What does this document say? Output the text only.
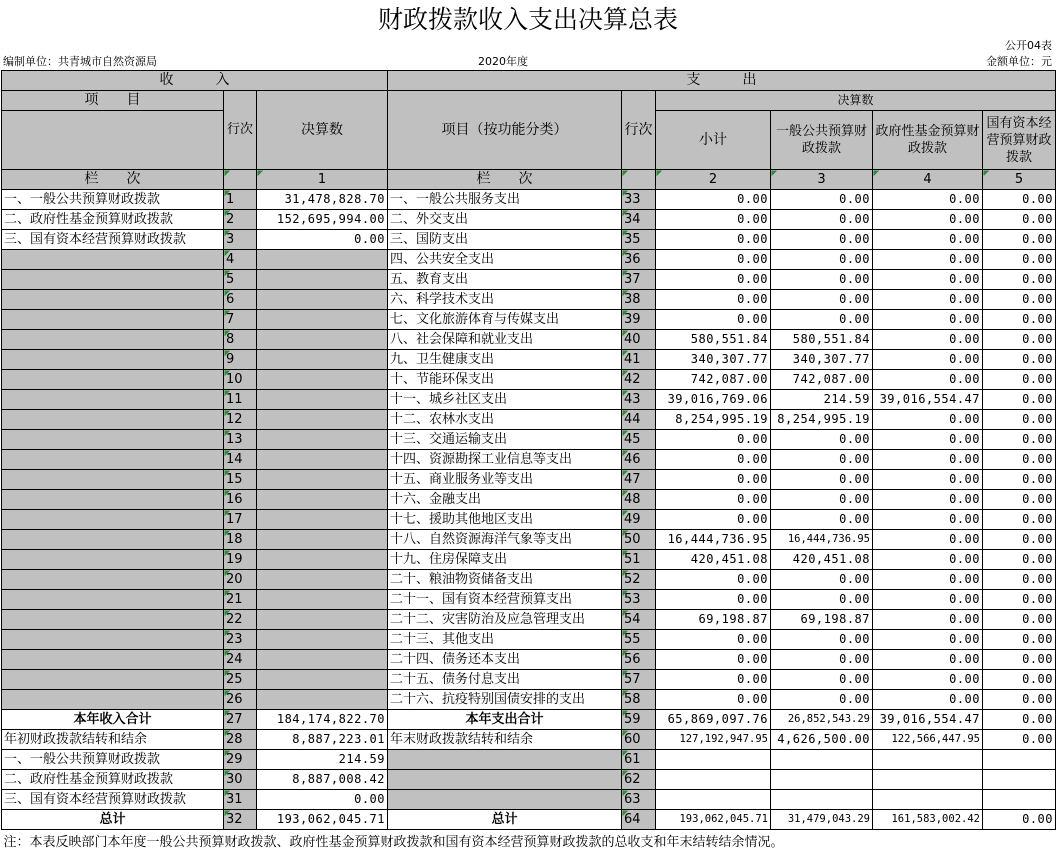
财政拨款收入支出决算总表
公开04表
编制单位：共青城市自然资源局	2020年度	金额单位：元
收　　　入			支　　　出					
项　　目	行次	决算数	项目（按功能分类）	行次	决算数			
					小计	一般公共预算财政拨款	政府性基金预算财政拨款	国有资本经营预算财政拨款
栏　　次		1	栏　　次		2	3	4	5
一、一般公共预算财政拨款	1	31,478,828.70	一、一般公共服务支出	33	0.00	0.00	0.00	0.00
二、政府性基金预算财政拨款	2	152,695,994.00	二、外交支出	34	0.00	0.00	0.00	0.00
三、国有资本经营预算财政拨款	3	0.00	三、国防支出	35	0.00	0.00	0.00	0.00
	4		四、公共安全支出	36	0.00	0.00	0.00	0.00
	5		五、教育支出	37	0.00	0.00	0.00	0.00
	6		六、科学技术支出	38	0.00	0.00	0.00	0.00
	7		七、文化旅游体育与传媒支出	39	0.00	0.00	0.00	0.00
	8		八、社会保障和就业支出	40	580,551.84	580,551.84	0.00	0.00
	9		九、卫生健康支出	41	340,307.77	340,307.77	0.00	0.00
	10		十、节能环保支出	42	742,087.00	742,087.00	0.00	0.00
	11		十一、城乡社区支出	43	39,016,769.06	214.59	39,016,554.47	0.00
	12		十二、农林水支出	44	8,254,995.19	8,254,995.19	0.00	0.00
	13		十三、交通运输支出	45	0.00	0.00	0.00	0.00
	14		十四、资源勘探工业信息等支出	46	0.00	0.00	0.00	0.00
	15		十五、商业服务业等支出	47	0.00	0.00	0.00	0.00
	16		十六、金融支出	48	0.00	0.00	0.00	0.00
	17		十七、援助其他地区支出	49	0.00	0.00	0.00	0.00
	18		十八、自然资源海洋气象等支出	50	16,444,736.95	16,444,736.95	0.00	0.00
	19		十九、住房保障支出	51	420,451.08	420,451.08	0.00	0.00
	20		二十、粮油物资储备支出	52	0.00	0.00	0.00	0.00
	21		二十一、国有资本经营预算支出	53	0.00	0.00	0.00	0.00
	22		二十二、灾害防治及应急管理支出	54	69,198.87	69,198.87	0.00	0.00
	23		二十三、其他支出	55	0.00	0.00	0.00	0.00
	24		二十四、债务还本支出	56	0.00	0.00	0.00	0.00
	25		二十五、债务付息支出	57	0.00	0.00	0.00	0.00
	26		二十六、抗疫特别国债安排的支出	58	0.00	0.00	0.00	0.00
本年收入合计	27	184,174,822.70	本年支出合计	59	65,869,097.76	26,852,543.29	39,016,554.47	0.00
年初财政拨款结转和结余	28	8,887,223.01	年末财政拨款结转和结余	60	127,192,947.95	4,626,500.00	122,566,447.95	0.00
一、一般公共预算财政拨款	29	214.59		61				
二、政府性基金预算财政拨款	30	8,887,008.42		62				
三、国有资本经营预算财政拨款	31	0.00		63				
总计	32	193,062,045.71	总计	64	193,062,045.71	31,479,043.29	161,583,002.42	0.00
注：本表反映部门本年度一般公共预算财政拨款、政府性基金预算财政拨款和国有资本经营预算财政拨款的总收支和年末结转结余情况。								
